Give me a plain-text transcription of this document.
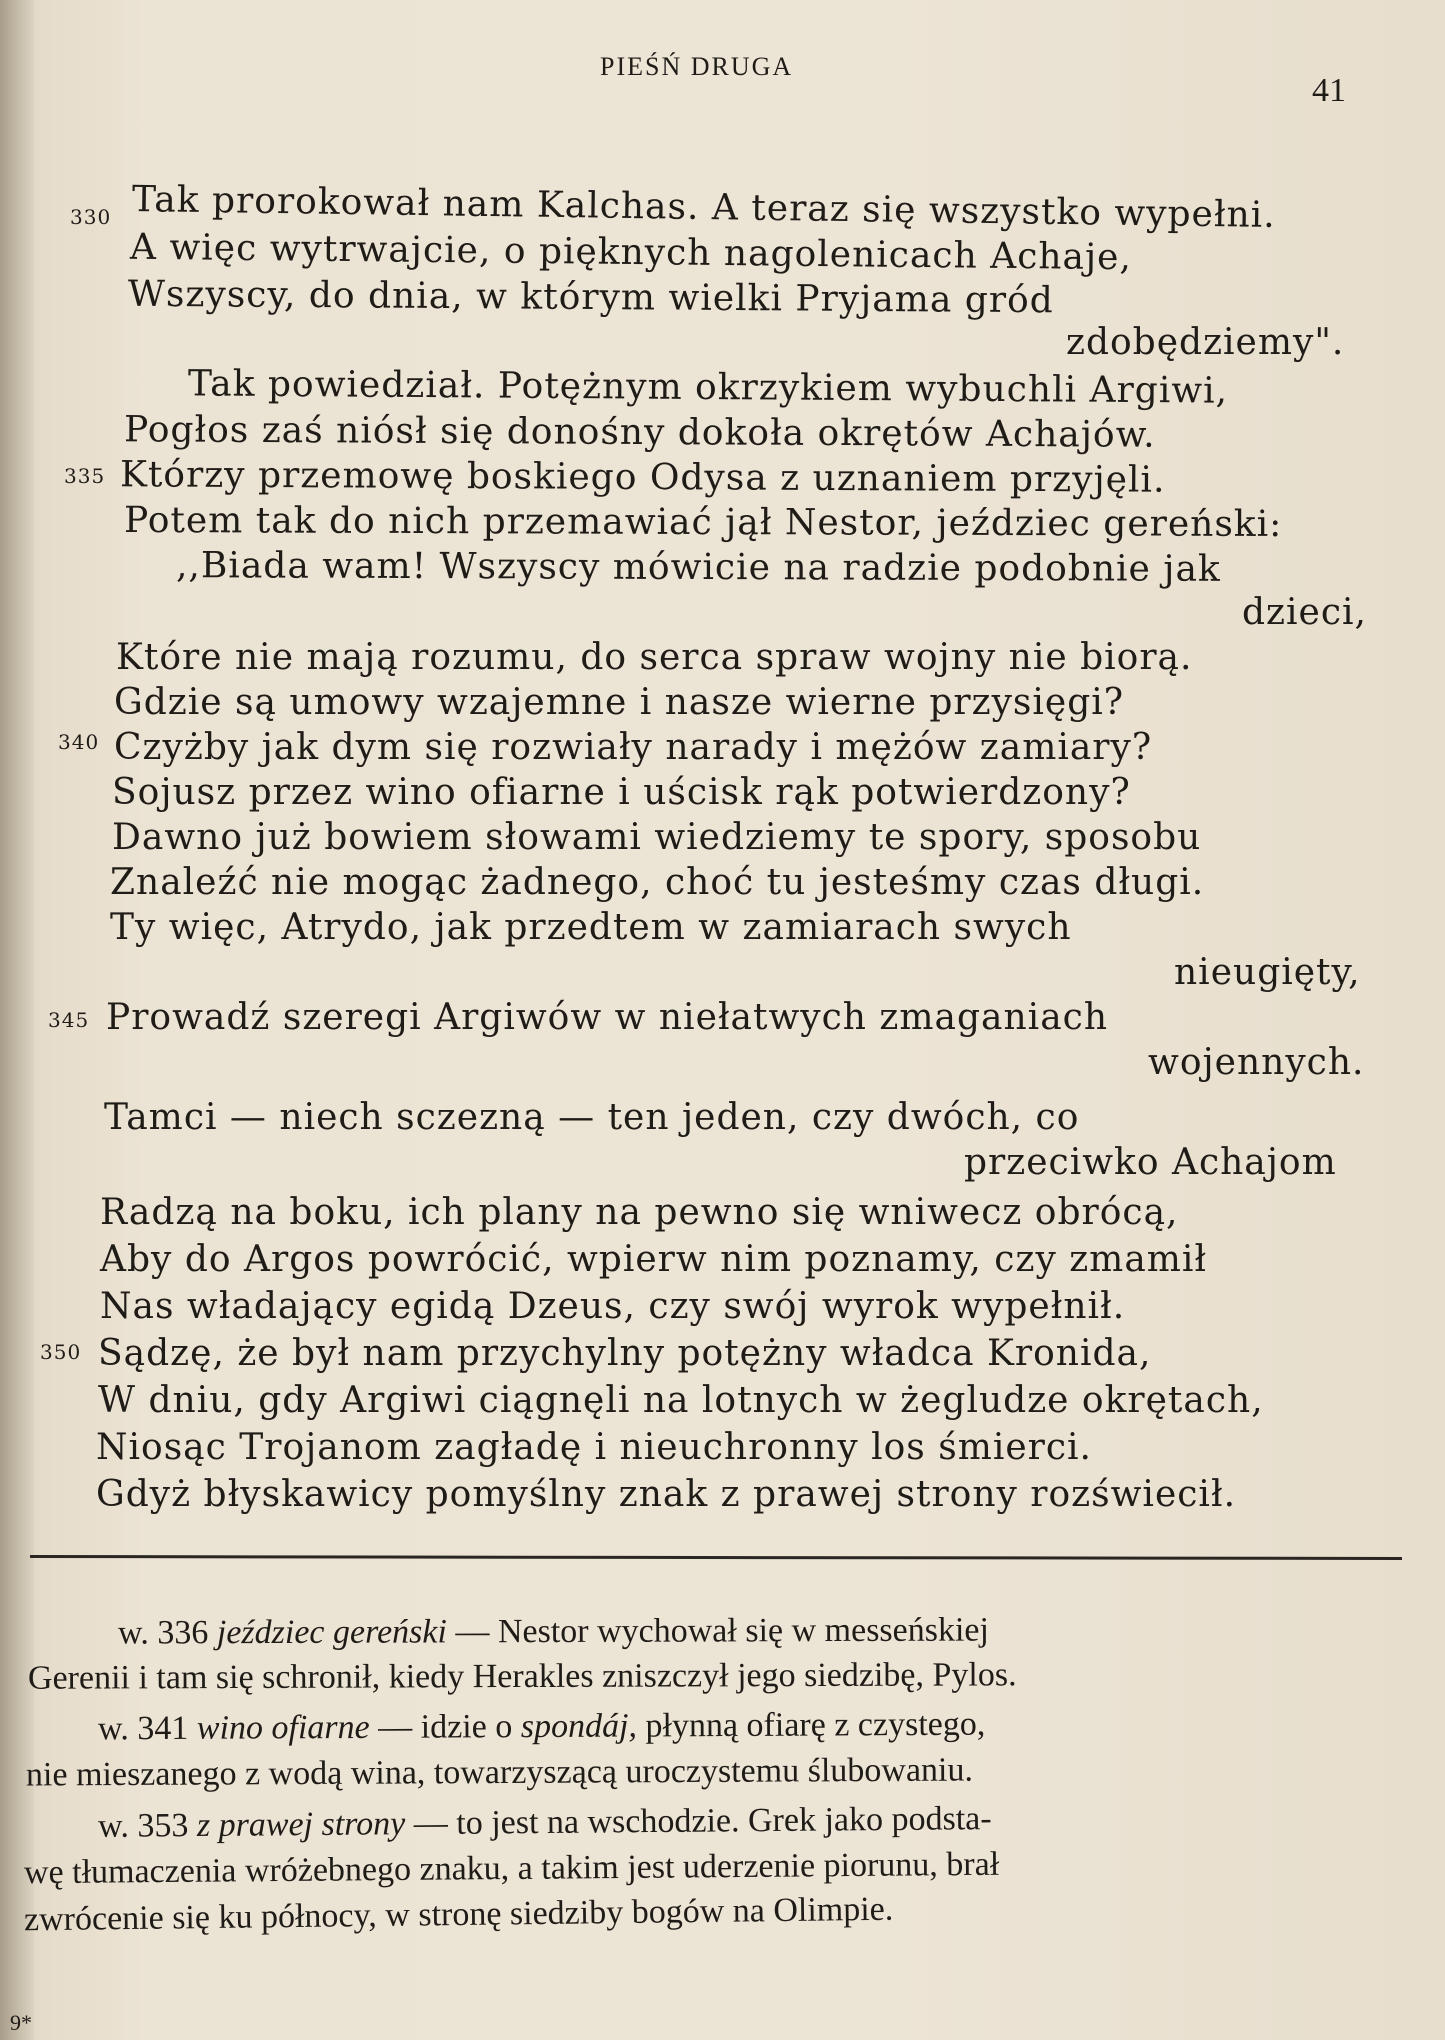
PIEŚŃ DRUGA
41
330
335
340
345
350
Tak prorokował nam Kalchas. A teraz się wszystko wypełni.
A więc wytrwajcie, o pięknych nagolenicach Achaje,
Wszyscy, do dnia, w którym wielki Pryjama gród
zdobędziemy".
Tak powiedział. Potężnym okrzykiem wybuchli Argiwi,
Pogłos zaś niósł się donośny dokoła okrętów Achajów.
Którzy przemowę boskiego Odysa z uznaniem przyjęli.
Potem tak do nich przemawiać jął Nestor, jeździec gereński:
,,Biada wam! Wszyscy mówicie na radzie podobnie jak
dzieci,
Które nie mają rozumu, do serca spraw wojny nie biorą.
Gdzie są umowy wzajemne i nasze wierne przysięgi?
Czyżby jak dym się rozwiały narady i mężów zamiary?
Sojusz przez wino ofiarne i uścisk rąk potwierdzony?
Dawno już bowiem słowami wiedziemy te spory, sposobu
Znaleźć nie mogąc żadnego, choć tu jesteśmy czas długi.
Ty więc, Atrydo, jak przedtem w zamiarach swych
nieugięty,
Prowadź szeregi Argiwów w niełatwych zmaganiach
wojennych.
Tamci — niech sczezną — ten jeden, czy dwóch, co
przeciwko Achajom
Radzą na boku, ich plany na pewno się wniwecz obrócą,
Aby do Argos powrócić, wpierw nim poznamy, czy zmamił
Nas władający egidą Dzeus, czy swój wyrok wypełnił.
Sądzę, że był nam przychylny potężny władca Kronida,
W dniu, gdy Argiwi ciągnęli na lotnych w żegludze okrętach,
Niosąc Trojanom zagładę i nieuchronny los śmierci.
Gdyż błyskawicy pomyślny znak z prawej strony rozświecił.
w. 336 jeździec gereński — Nestor wychował się w messeńskiej
Gerenii i tam się schronił, kiedy Herakles zniszczył jego siedzibę, Pylos.
w. 341 wino ofiarne — idzie o spondáj, płynną ofiarę z czystego,
nie mieszanego z wodą wina, towarzyszącą uroczystemu ślubowaniu.
w. 353 z prawej strony — to jest na wschodzie. Grek jako podsta-
wę tłumaczenia wróżebnego znaku, a takim jest uderzenie piorunu, brał
zwrócenie się ku północy, w stronę siedziby bogów na Olimpie.
9*
